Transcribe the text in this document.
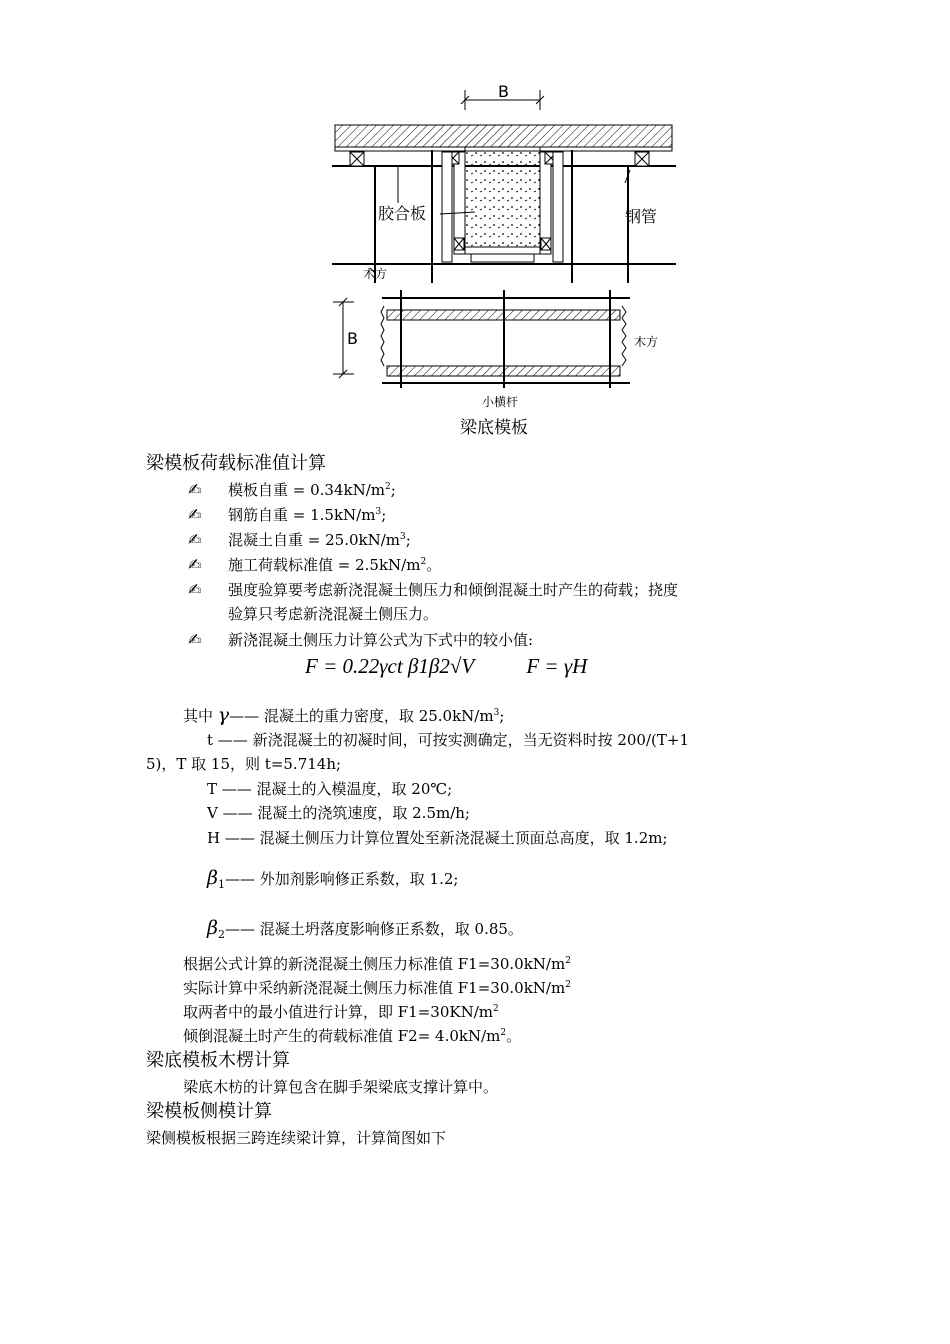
B
胶合板	钢管
木方
B	木方
小横杆
梁底模板
梁模板荷载标准值计算
✍ 模板自重 = $0.34kN/m^2$;
✍ 钢筋自重 = $1.5kN/m^3$;
✍ 混凝土自重 = $25.0kN/m^3$;
✍ 施工荷载标准值 = $2.5kN/m^2$。
✍ 强度验算要考虑新浇混凝土侧压力和倾倒混凝土时产生的荷载；挠度
验算只考虑新浇混凝土侧压力。
✍ 新浇混凝土侧压力计算公式为下式中的较小值:
F = 0.22γct β1β2√V	F = γH
其中 γ—— 混凝土的重力密度，取 $25.0kN/m^3$;
t —— 新浇混凝土的初凝时间，可按实测确定，当无资料时按 200/(T+1
5)，T 取 15，则 t=5.714h;
T —— 混凝土的入模温度，取 20℃;
V —— 混凝土的浇筑速度，取 2.5m/h;
H —— 混凝土侧压力计算位置处至新浇混凝土顶面总高度，取 1.2m;
$\beta_1——$ 外加剂影响修正系数，取 1.2;
$\beta_2——$ 混凝土坍落度影响修正系数，取 0.85。
根据公式计算的新浇混凝土侧压力标准值 $F1=30.0kN/m^2$
实际计算中采纳新浇混凝土侧压力标准值 $F1=30.0kN/m^2$
取两者中的最小值进行计算，即 $F1=30KN/m^2$
倾倒混凝土时产生的荷载标准值 $F2= 4.0kN/m^2$。
梁底模板木楞计算
梁底木枋的计算包含在脚手架梁底支撑计算中。
梁模板侧模计算
梁侧模板根据三跨连续梁计算，计算简图如下
